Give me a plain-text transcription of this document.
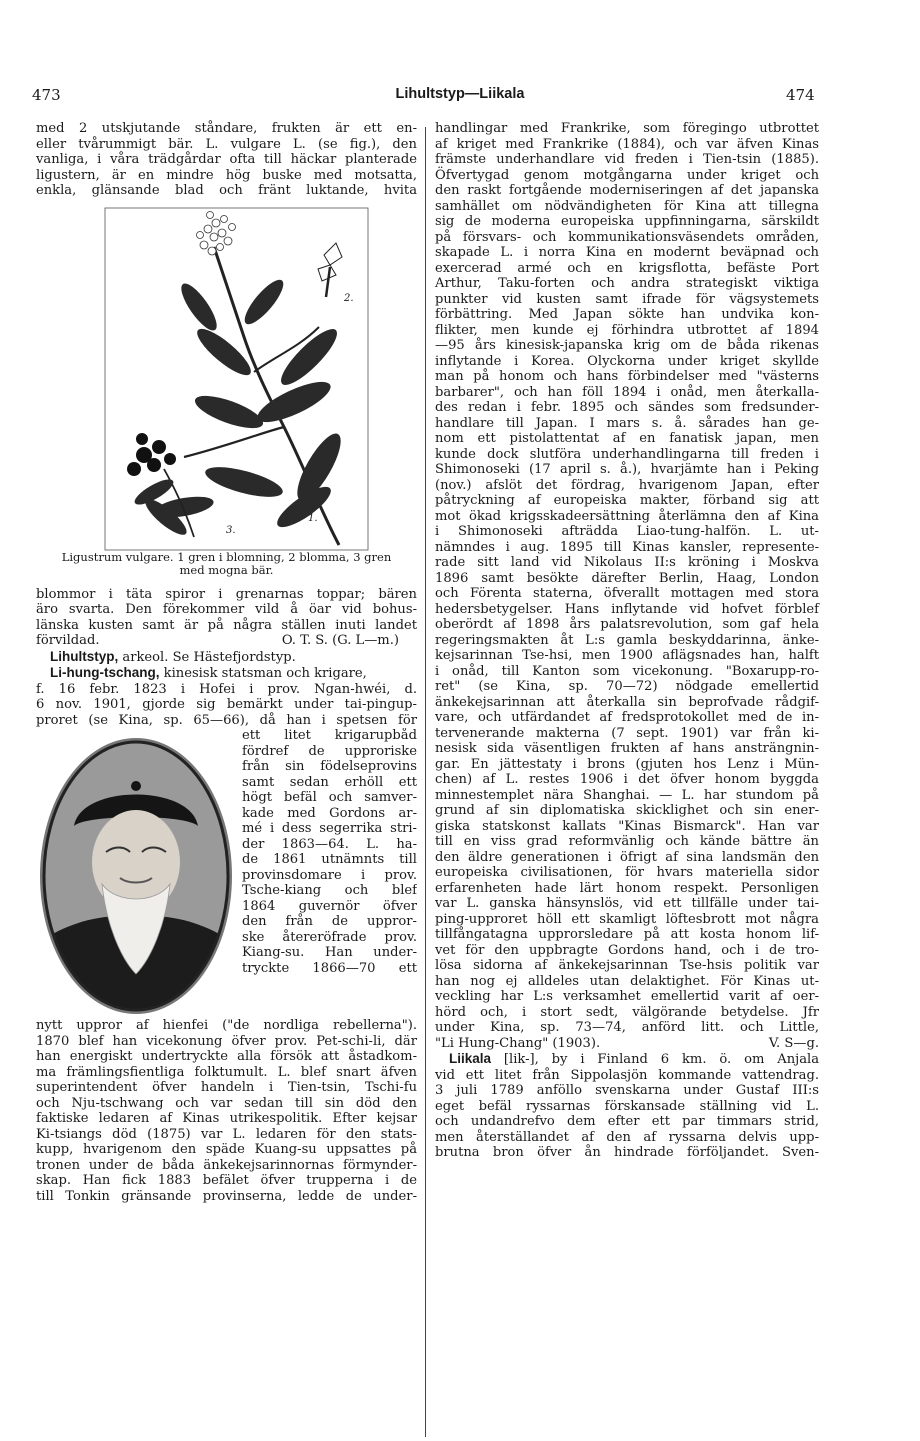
473	Lihultstyp—Liikala	474
med 2 utskjutande ståndare, frukten är ett en-
eller tvårummigt bär. L. vulgare L. (se fig.), den
vanliga, i våra trädgårdar ofta till häckar planterade
ligustern, är en mindre hög buske med motsatta,
enkla, glänsande blad och fränt luktande, hvita
1.
2.
3.
Ligustrum vulgare. 1 gren i blomning, 2 blomma, 3 gren
med mogna bär.
blommor i täta spiror i grenarnas toppar; bären
äro svarta. Den förekommer vild å öar vid bohus-
länska kusten samt är på några ställen inuti landet
förvildad.	O. T. S. (G. L—m.)
Lihultstyp, arkeol. Se Hästefjordstyp.
Li-hung-tschang, kinesisk statsman och krigare,
f. 16 febr. 1823 i Hofei i prov. Ngan-hwéi, d.
6 nov. 1901, gjorde sig bemärkt under tai-pingup-
proret (se Kina, sp. 65—66), då han i spetsen för
ett litet krigarupbåd
fördref de upproriske
från sin födelseprovins
samt sedan erhöll ett
högt befäl och samver-
kade med Gordons ar-
mé i dess segerrika stri-
der 1863—64. L. ha-
de 1861 utnämnts till
provinsdomare i prov.
Tsche-kiang och blef
1864 guvernör öfver
den från de uppror-
ske återeröfrade prov.
Kiang-su. Han under-
tryckte 1866—70 ett
nytt uppror af hienfei ("de nordliga rebellerna").
1870 blef han vicekonung öfver prov. Pet-schi-li, där
han energiskt undertryckte alla försök att åstadkom-
ma främlingsfientliga folktumult. L. blef snart äfven
superintendent öfver handeln i Tien-tsin, Tschi-fu
och Nju-tschwang och var sedan till sin död den
faktiske ledaren af Kinas utrikespolitik. Efter kejsar
Ki-tsiangs död (1875) var L. ledaren för den stats-
kupp, hvarigenom den späde Kuang-su uppsattes på
tronen under de båda änkekejsarinnornas förmynder-
skap. Han fick 1883 befälet öfver trupperna i de
till Tonkin gränsande provinserna, ledde de under-
handlingar med Frankrike, som föregingo utbrottet
af kriget med Frankrike (1884), och var äfven Kinas
främste underhandlare vid freden i Tien-tsin (1885).
Öfvertygad genom motgångarna under kriget och
den raskt fortgående moderniseringen af det japanska
samhället om nödvändigheten för Kina att tillegna
sig de moderna europeiska uppfinningarna, särskildt
på försvars- och kommunikationsväsendets områden,
skapade L. i norra Kina en modernt beväpnad och
exercerad armé och en krigsflotta, befäste Port
Arthur, Taku-forten och andra strategiskt viktiga
punkter vid kusten samt ifrade för vägsystemets
förbättring. Med Japan sökte han undvika kon-
flikter, men kunde ej förhindra utbrottet af 1894
—95 års kinesisk-japanska krig om de båda rikenas
inflytande i Korea. Olyckorna under kriget skyllde
man på honom och hans förbindelser med "västerns
barbarer", och han föll 1894 i onåd, men återkalla-
des redan i febr. 1895 och sändes som fredsunder-
handlare till Japan. I mars s. å. sårades han ge-
nom ett pistolattentat af en fanatisk japan, men
kunde dock slutföra underhandlingarna till freden i
Shimonoseki (17 april s. å.), hvarjämte han i Peking
(nov.) afslöt det fördrag, hvarigenom Japan, efter
påtryckning af europeiska makter, förband sig att
mot ökad krigsskadeersättning återlämna den af Kina
i Shimonoseki afträdda Liao-tung-halfön. L. ut-
nämndes i aug. 1895 till Kinas kansler, represente-
rade sitt land vid Nikolaus II:s kröning i Moskva
1896 samt besökte därefter Berlin, Haag, London
och Förenta staterna, öfverallt mottagen med stora
hedersbetygelser. Hans inflytande vid hofvet förblef
oberördt af 1898 års palatsrevolution, som gaf hela
regeringsmakten åt L:s gamla beskyddarinna, änke-
kejsarinnan Tse-hsi, men 1900 aflägsnades han, halft
i onåd, till Kanton som vicekonung. "Boxarupp-ro-
ret" (se Kina, sp. 70—72) nödgade emellertid
änkekejsarinnan att återkalla sin beprofvade rådgif-
vare, och utfärdandet af fredsprotokollet med de in-
tervenerande makterna (7 sept. 1901) var från ki-
nesisk sida väsentligen frukten af hans ansträngnin-
gar. En jättestaty i brons (gjuten hos Lenz i Mün-
chen) af L. restes 1906 i det öfver honom byggda
minnestemplet nära Shanghai. — L. har stundom på
grund af sin diplomatiska skicklighet och sin ener-
giska statskonst kallats "Kinas Bismarck". Han var
till en viss grad reformvänlig och kände bättre än
den äldre generationen i öfrigt af sina landsmän den
europeiska civilisationen, för hvars materiella sidor
erfarenheten hade lärt honom respekt. Personligen
var L. ganska hänsynslös, vid ett tillfälle under tai-
ping-upproret höll ett skamligt löftesbrott mot några
tillfångatagna upprorsledare på att kosta honom lif-
vet för den uppbragte Gordons hand, och i de tro-
lösa sidorna af änkekejsarinnan Tse-hsis politik var
han nog ej alldeles utan delaktighet. För Kinas ut-
veckling har L:s verksamhet emellertid varit af oer-
hörd och, i stort sedt, välgörande betydelse. Jfr
under Kina, sp. 73—74, anförd litt. och Little,
"Li Hung-Chang" (1903).	V. S—g.
Liikala [lik-], by i Finland 6 km. ö. om Anjala
vid ett litet från Sippolasjön kommande vattendrag.
3 juli 1789 anföllo svenskarna under Gustaf III:s
eget befäl ryssarnas förskansade ställning vid L.
och undandrefvo dem efter ett par timmars strid,
men återställandet af den af ryssarna delvis upp-
brutna bron öfver ån hindrade förföljandet. Sven-
